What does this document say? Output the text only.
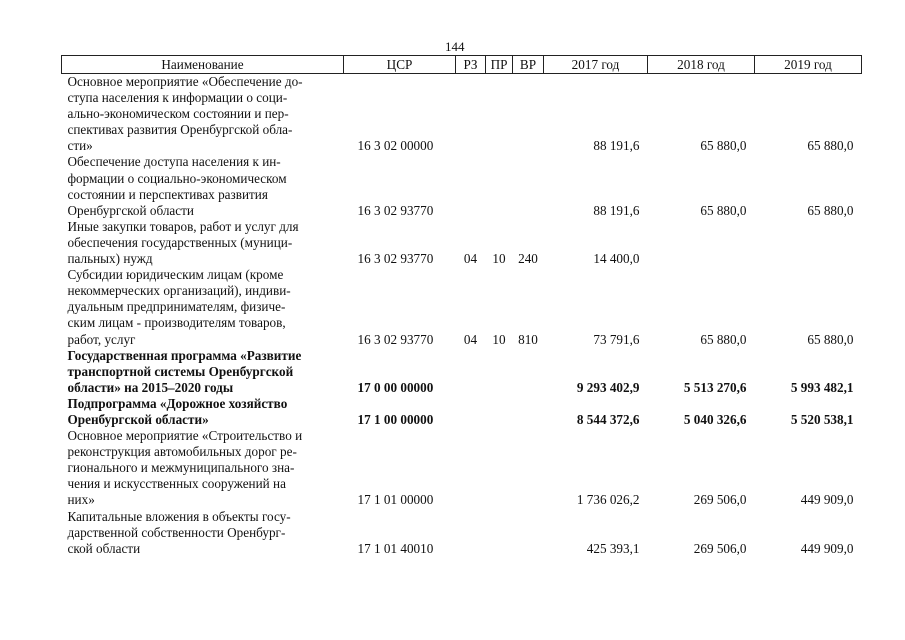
144
Наименование	ЦСР	РЗ	ПР	ВР	2017 год	2018 год	2019 год

Основное мероприятие «Обеспечение до-
ступа населения к информации о соци-
ально-экономическом состоянии и пер-
спективах развития Оренбургской обла-
сти»	16 3 02 00000				88 191,6	65 880,0	65 880,0

Обеспечение доступа населения к ин-
формации о социально-экономическом
состоянии и перспективах развития
Оренбургской области	16 3 02 93770				88 191,6	65 880,0	65 880,0

Иные закупки товаров, работ и услуг для
обеспечения государственных (муници-
пальных) нужд	16 3 02 93770	04	10	240	14 400,0		

Субсидии юридическим лицам (кроме
некоммерческих организаций), индиви-
дуальным предпринимателям, физиче-
ским лицам - производителям товаров,
работ, услуг	16 3 02 93770	04	10	810	73 791,6	65 880,0	65 880,0

Государственная программа «Развитие
транспортной системы Оренбургской
области» на 2015–2020 годы	17 0 00 00000				9 293 402,9	5 513 270,6	5 993 482,1

Подпрограмма «Дорожное хозяйство
Оренбургской области»	17 1 00 00000				8 544 372,6	5 040 326,6	5 520 538,1

Основное мероприятие «Строительство и
реконструкция автомобильных дорог ре-
гионального и межмуниципального зна-
чения и искусственных сооружений на
них»	17 1 01 00000				1 736 026,2	269 506,0	449 909,0

Капитальные вложения в объекты госу-
дарственной собственности Оренбург-
ской области	17 1 01 40010				425 393,1	269 506,0	449 909,0
